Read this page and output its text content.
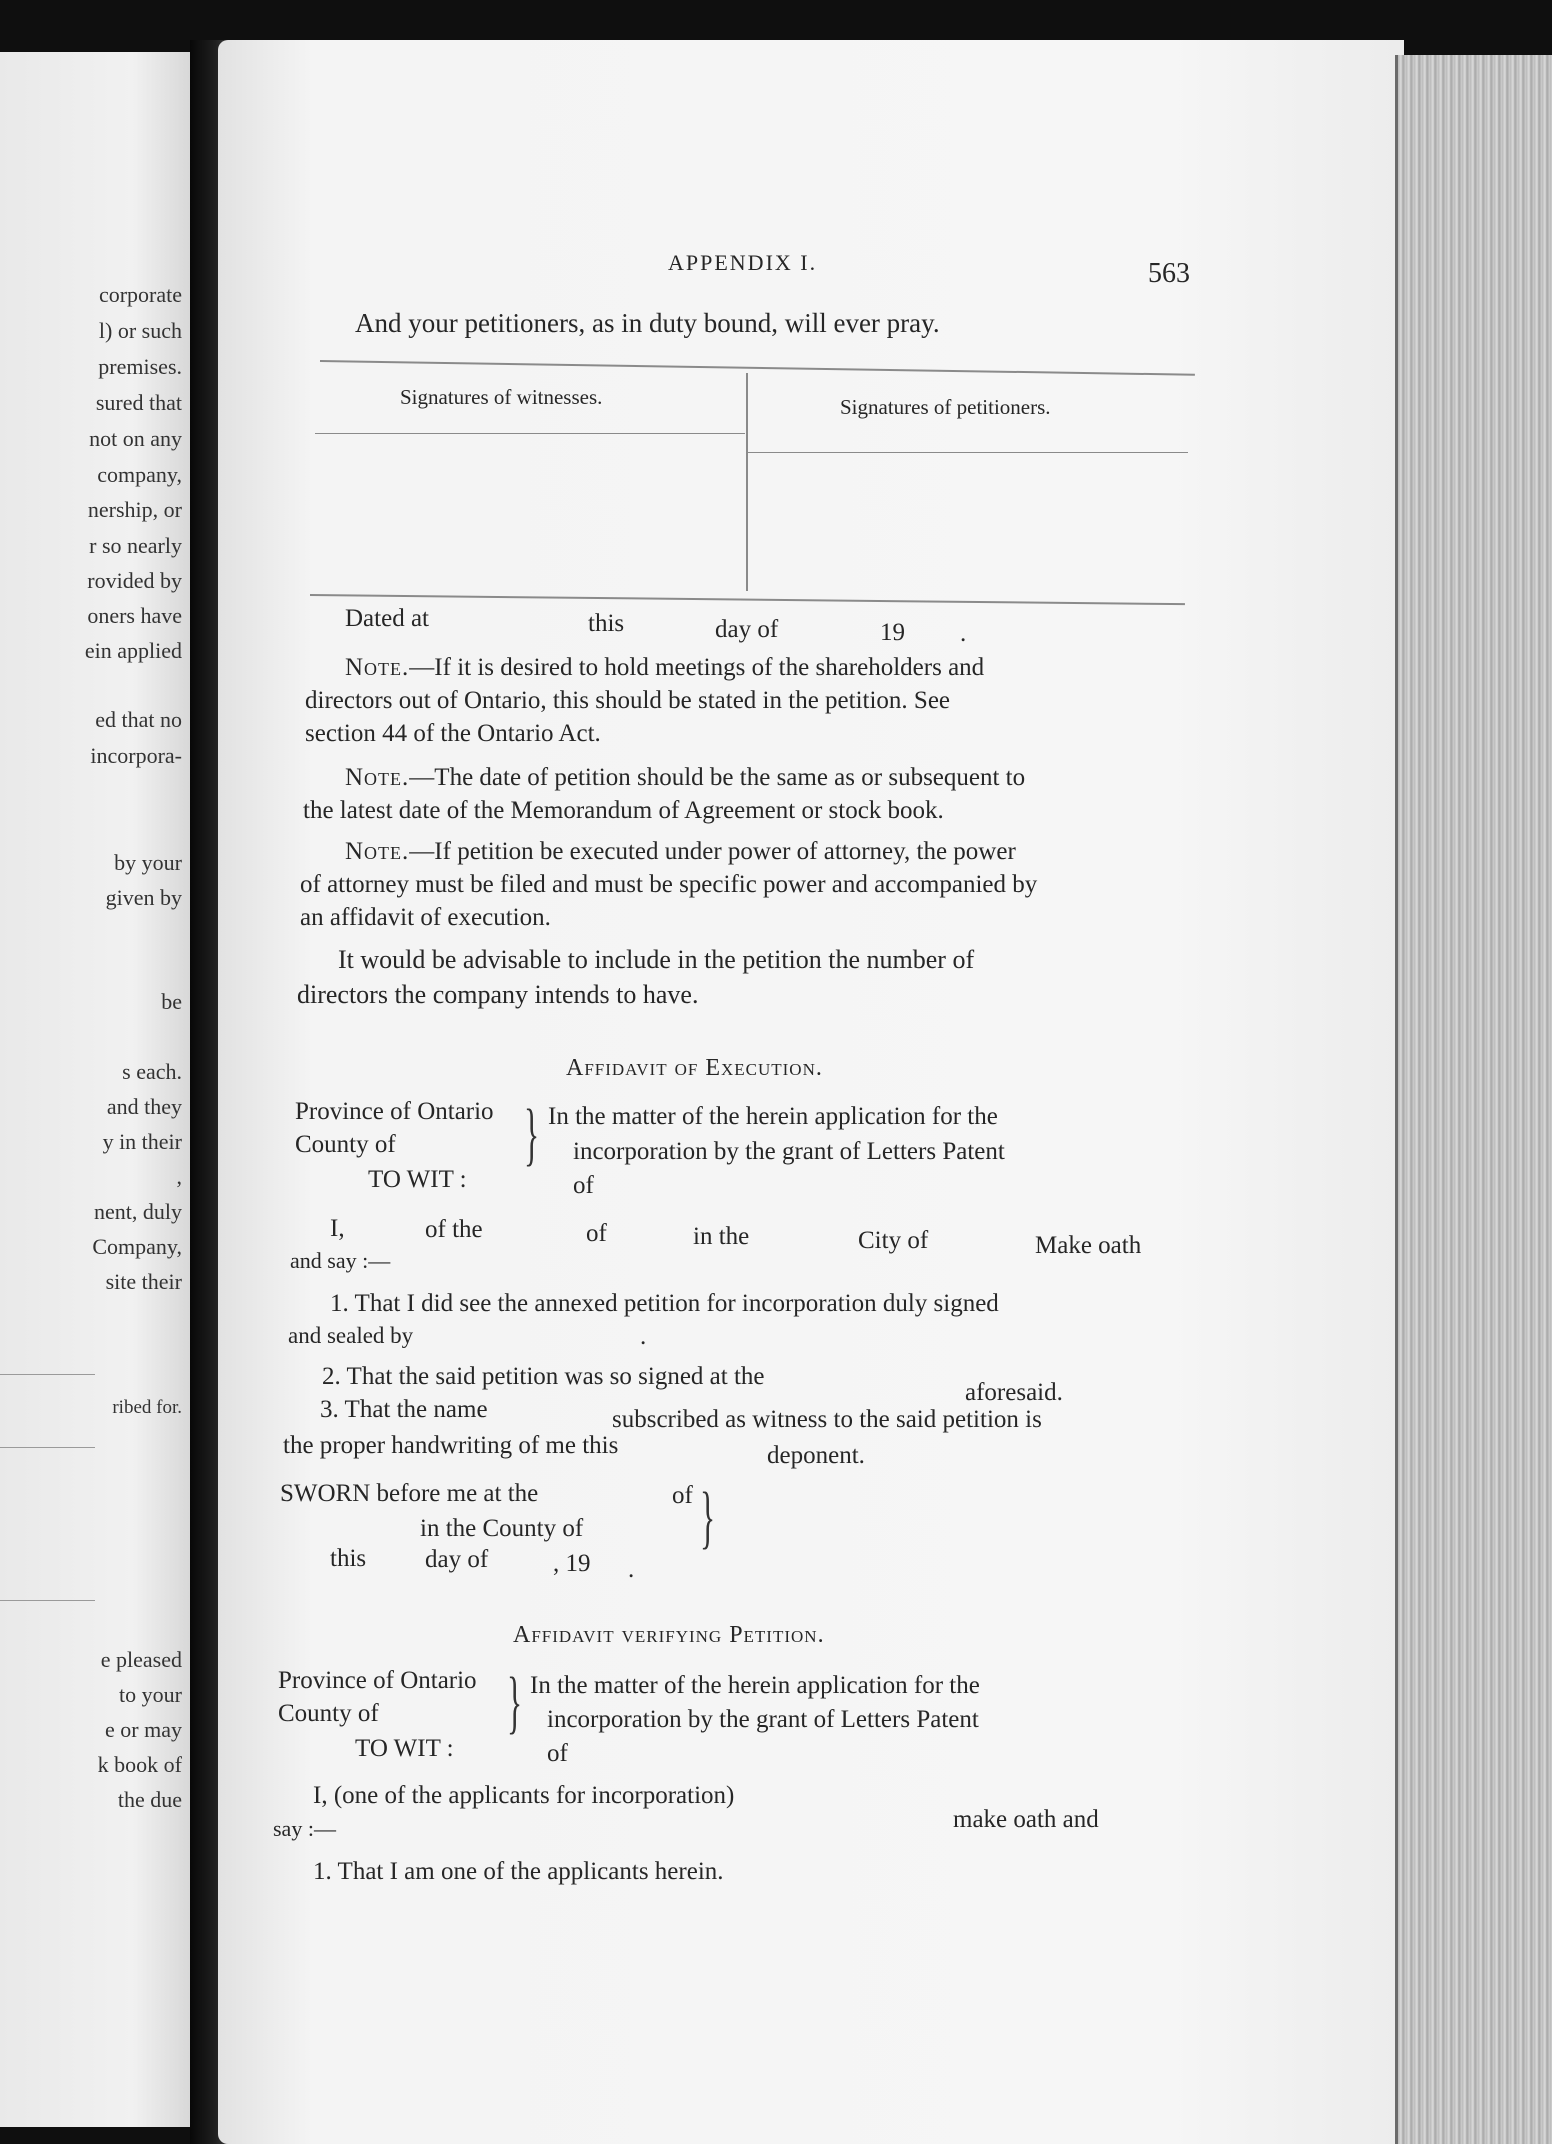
corporate
l) or such
premises.
sured that
not on any
company,
nership, or
r so nearly
rovided by
oners have
ein applied
ed that no
incorpora-
by your
given by
be
s each.
and they
y in their
,
nent, duly
Company,
site their
ribed for.
e pleased
to your
e or may
k book of
the due
APPENDIX I.	563
And your petitioners, as in duty bound, will ever pray.
Signatures of witnesses.	Signatures of petitioners.
Dated at	this	day of	19 .
Note.—If it is desired to hold meetings of the shareholders and
directors out of Ontario, this should be stated in the petition. See
section 44 of the Ontario Act.
Note.—The date of petition should be the same as or subsequent to
the latest date of the Memorandum of Agreement or stock book.
Note.—If petition be executed under power of attorney, the power
of attorney must be filed and must be specific power and accompanied by
an affidavit of execution.
It would be advisable to include in the petition the number of
directors the company intends to have.
Affidavit of Execution.
Province of Ontario
County of
TO WIT :
} In the matter of the herein application for the
incorporation by the grant of Letters Patent
of
I,	of the	of	in the	City of	Make oath
and say :—
1. That I did see the annexed petition for incorporation duly signed
and sealed by	.
2. That the said petition was so signed at the
aforesaid.
3. That the name	subscribed as witness to the said petition is
the proper handwriting of me this	deponent.
SWORN before me at the	of
in the County of
this day of	, 19 .
}
Affidavit verifying Petition.
Province of Ontario
County of
TO WIT :
} In the matter of the herein application for the
incorporation by the grant of Letters Patent
of
I, (one of the applicants for incorporation)
make oath and
say :—
1. That I am one of the applicants herein.
